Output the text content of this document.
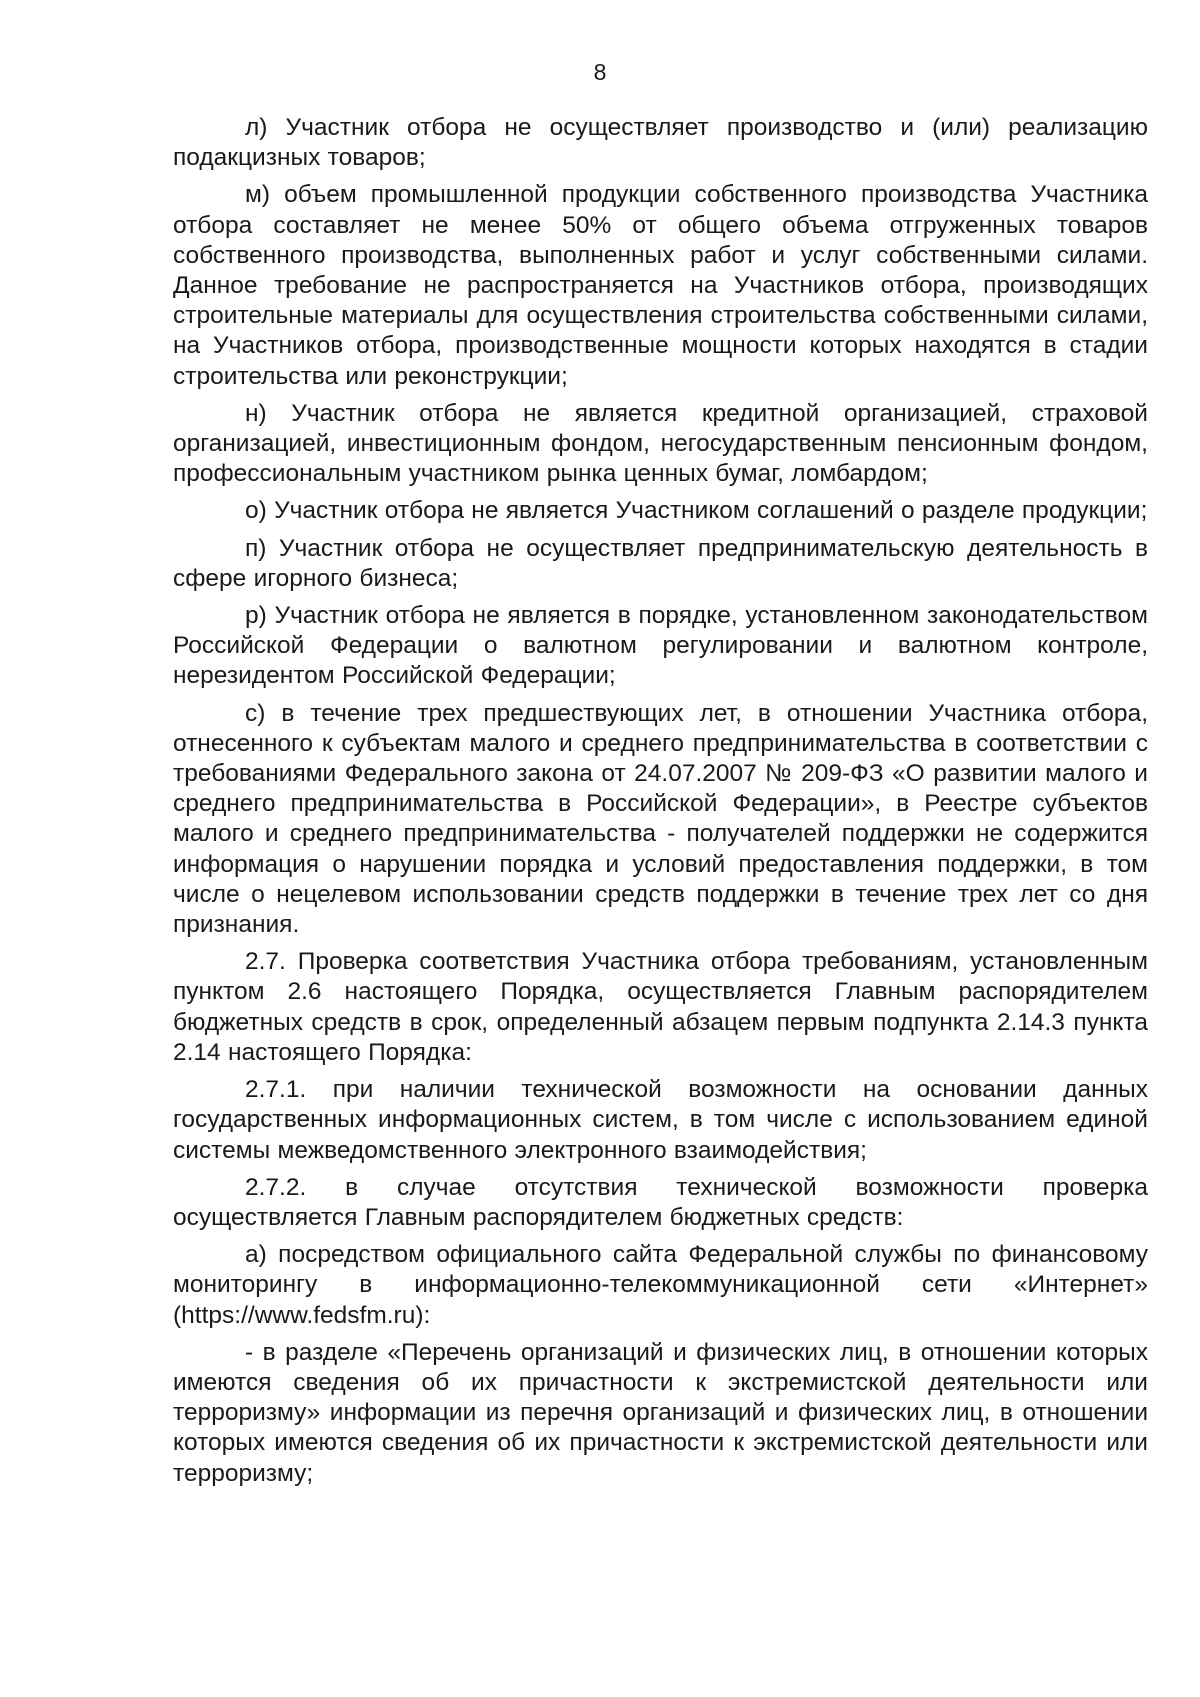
8

л) Участник отбора не осуществляет производство и (или) реализацию подакцизных товаров;

м) объем промышленной продукции собственного производства Участника отбора составляет не менее 50% от общего объема отгруженных товаров собственного производства, выполненных работ и услуг собственными силами. Данное требование не распространяется на Участников отбора, производящих строительные материалы для осуществления строительства собственными силами, на Участников отбора, производственные мощности которых находятся в стадии строительства или реконструкции;

н) Участник отбора не является кредитной организацией, страховой организацией, инвестиционным фондом, негосударственным пенсионным фондом, профессиональным участником рынка ценных бумаг, ломбардом;

о) Участник отбора не является Участником соглашений о разделе продукции;

п) Участник отбора не осуществляет предпринимательскую деятельность в сфере игорного бизнеса;

р) Участник отбора не является в порядке, установленном законодательством Российской Федерации о валютном регулировании и валютном контроле, нерезидентом Российской Федерации;

с) в течение трех предшествующих лет, в отношении Участника отбора, отнесенного к субъектам малого и среднего предпринимательства в соответствии с требованиями Федерального закона от 24.07.2007 № 209-ФЗ «О развитии малого и среднего предпринимательства в Российской Федерации», в Реестре субъектов малого и среднего предпринимательства - получателей поддержки не содержится информация о нарушении порядка и условий предоставления поддержки, в том числе о нецелевом использовании средств поддержки в течение трех лет со дня признания.

2.7. Проверка соответствия Участника отбора требованиям, установленным пунктом 2.6 настоящего Порядка, осуществляется Главным распорядителем бюджетных средств в срок, определенный абзацем первым подпункта 2.14.3 пункта 2.14 настоящего Порядка:

2.7.1. при наличии технической возможности на основании данных государственных информационных систем, в том числе с использованием единой системы межведомственного электронного взаимодействия;

2.7.2. в случае отсутствия технической возможности проверка осуществляется Главным распорядителем бюджетных средств:

а) посредством официального сайта Федеральной службы по финансовому мониторингу в информационно-телекоммуникационной сети «Интернет» (https://www.fedsfm.ru):

- в разделе «Перечень организаций и физических лиц, в отношении которых имеются сведения об их причастности к экстремистской деятельности или терроризму» информации из перечня организаций и физических лиц, в отношении которых имеются сведения об их причастности к экстремистской деятельности или терроризму;
